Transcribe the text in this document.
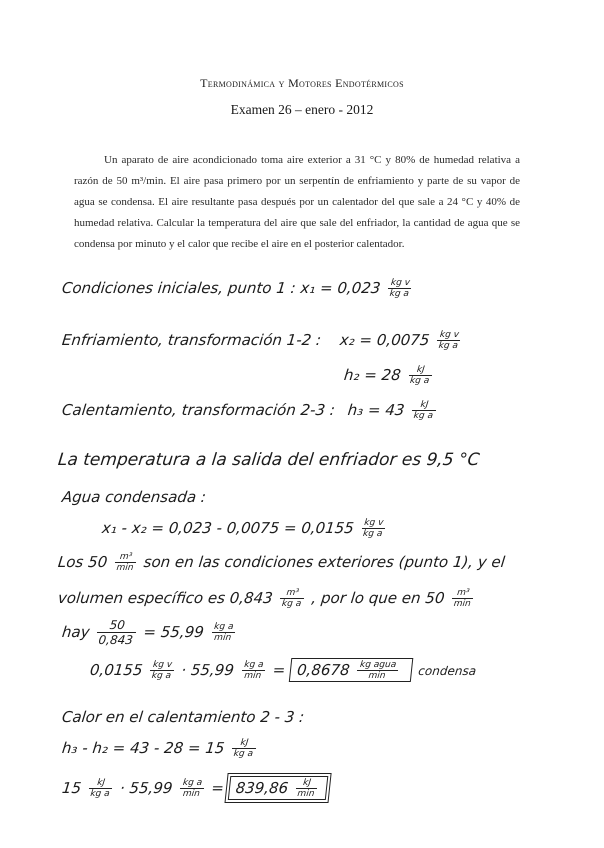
Termodinámica y Motores Endotérmicos
Examen 26 – enero - 2012
Un aparato de aire acondicionado toma aire exterior a 31 °C y 80% de humedad relativa a razón de 50 m³/min. El aire pasa primero por un serpentín de enfriamiento y parte de su vapor de agua se condensa. El aire resultante pasa después por un calentador del que sale a 24 °C y 40% de humedad relativa. Calcular la temperatura del aire que sale del enfriador, la cantidad de agua que se condensa por minuto y el calor que recibe el aire en el posterior calentador.
Condiciones iniciales, punto 1 : $x_1 = 0,023 \frac{\text{kg v}}{\text{kg a}}$
Enfriamiento, transformación 1-2 : $x_2 = 0,0075 \frac{\text{kg v}}{\text{kg a}}$
$h_2 = 28 \frac{kJ}{\text{kg a}}$
Calentamiento, transformación 2-3 : $h_3 = 43 \frac{kJ}{\text{kg a}}$
La temperatura a la salida del enfriador es 9,5 °C
Agua condensada :
$x_1 - x_2 = 0,023 - 0,0075 = 0,0155 \frac{\text{kg v}}{\text{kg a}}$
Los $50 \frac{\text{m³}}{\min}$ son en las condiciones exteriores (punto 1), y el
volumen específico es $0,843 \frac{\text{m³}}{\text{kg a}}$ , por lo que en $50 \frac{\text{m³}}{\min}$
hay $\frac{50}{0,843} = 55,99 \frac{\text{kg a}}{\min}$
$0,0155 \frac{\text{kg v}}{\text{kg a}} \cdot 55,99 \frac{\text{kg a}}{\min} = 0,8678 \frac{\text{kg agua}}{\min}$ condensa
Calor en el calentamiento 2 - 3 :
$h_3 - h_2 = 43 - 28 = 15 \frac{kJ}{\text{kg a}}$
$15 \frac{kJ}{\text{kg a}} \cdot 55,99 \frac{\text{kg a}}{\min} = 839,86 \frac{kJ}{\min}$
